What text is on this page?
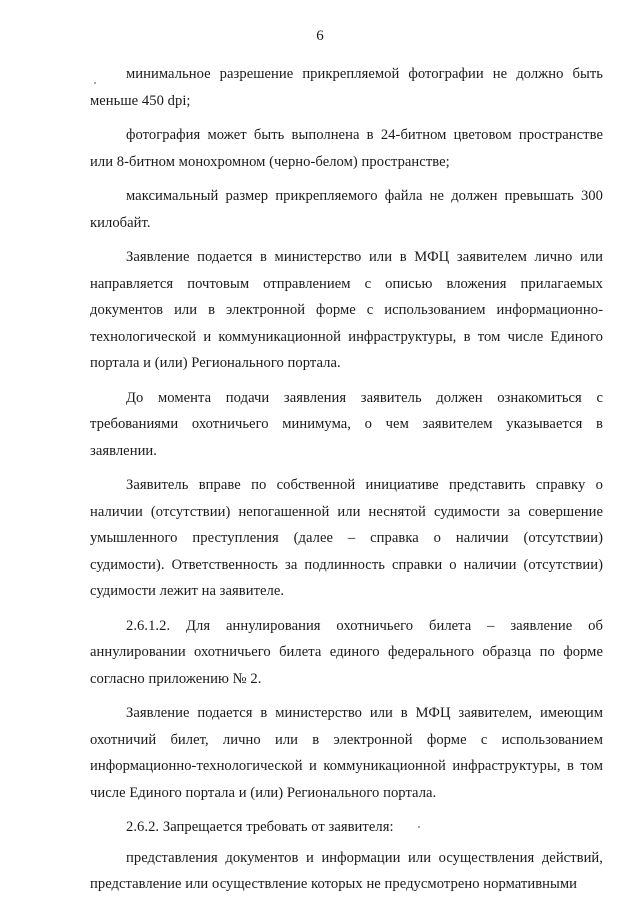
6

минимальное разрешение прикрепляемой фотографии не должно быть меньше 450 dpi;

фотография может быть выполнена в 24-битном цветовом пространстве или 8-битном монохромном (черно-белом) пространстве;

максимальный размер прикрепляемого файла не должен превышать 300 килобайт.

Заявление подается в министерство или в МФЦ заявителем лично или направляется почтовым отправлением с описью вложения прилагаемых документов или в электронной форме с использованием информационно-технологической и коммуникационной инфраструктуры, в том числе Единого портала и (или) Регионального портала.

До момента подачи заявления заявитель должен ознакомиться с требованиями охотничьего минимума, о чем заявителем указывается в заявлении.

Заявитель вправе по собственной инициативе представить справку о наличии (отсутствии) непогашенной или неснятой судимости за совершение умышленного преступления (далее – справка о наличии (отсутствии) судимости). Ответственность за подлинность справки о наличии (отсутствии) судимости лежит на заявителе.

2.6.1.2. Для аннулирования охотничьего билета – заявление об аннулировании охотничьего билета единого федерального образца по форме согласно приложению № 2.

Заявление подается в министерство или в МФЦ заявителем, имеющим охотничий билет, лично или в электронной форме с использованием информационно-технологической и коммуникационной инфраструктуры, в том числе Единого портала и (или) Регионального портала.

2.6.2. Запрещается требовать от заявителя:

представления документов и информации или осуществления действий, представление или осуществление которых не предусмотрено нормативными
